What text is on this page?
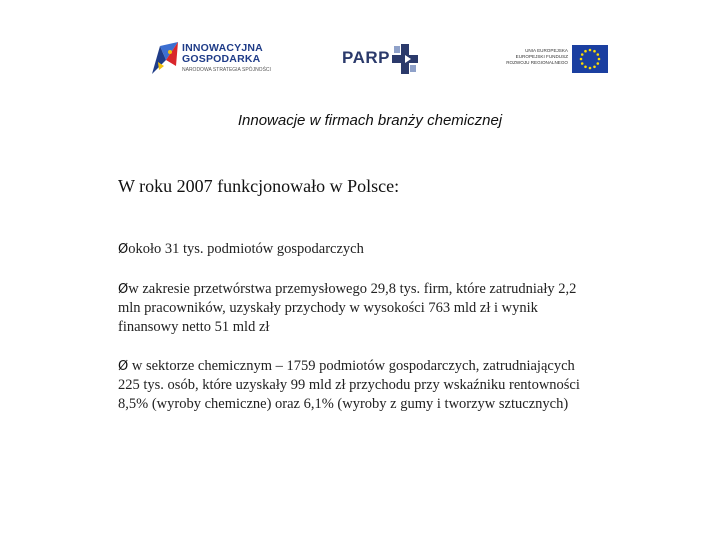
INNOWACYJNA
GOSPODARKA
NARODOWA STRATEGIA SPÓJNOŚCI
PARP	UNIA EUROPEJSKA
EUROPEJSKI FUNDUSZ
ROZWOJU REGIONALNEGO
Innowacje w firmach branży chemicznej

W roku 2007 funkcjonowało w Polsce:

Øokoło 31 tys. podmiotów gospodarczych

Øw zakresie przetwórstwa przemysłowego 29,8 tys. firm, które zatrudniały 2,2 mln pracowników, uzyskały przychody w wysokości 763 mld zł i wynik finansowy netto 51 mld zł

Ø w sektorze chemicznym – 1759 podmiotów gospodarczych, zatrudniających 225 tys. osób, które uzyskały 99 mld zł przychodu przy wskaźniku rentowności 8,5% (wyroby chemiczne) oraz 6,1% (wyroby z gumy i tworzyw sztucznych)
